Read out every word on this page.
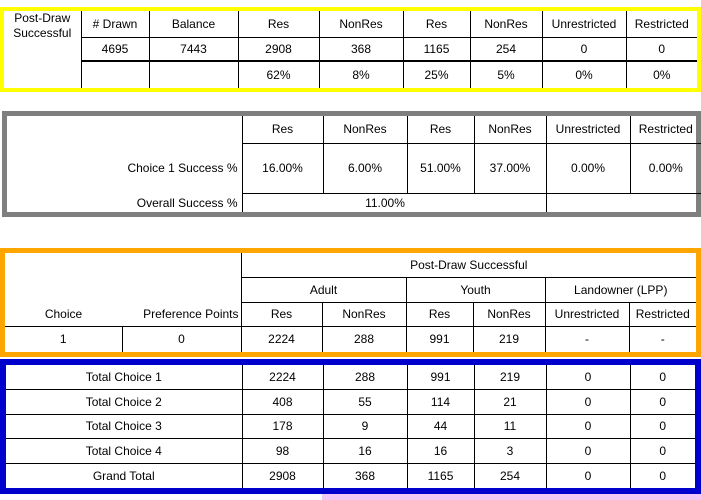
Post-Draw
Successful	# Drawn	Balance	Res	NonRes	Res	NonRes	Unrestricted	Restricted
	4695	7443	2908	368	1165	254	0	0
			62%	8%	25%	5%	0%	0%
	Res	NonRes	Res	NonRes	Unrestricted	Restricted
Choice 1 Success %	16.00%	6.00%	51.00%	37.00%	0.00%	0.00%
Overall Success %	11.00%					
		Post-Draw Successful					
		Adult		Youth		Landowner (LPP)	
Choice	Preference Points	Res	NonRes	Res	NonRes	Unrestricted	Restricted
1	0	2224	288	991	219	-	-
Total Choice 1	2224	288	991	219	0	0
Total Choice 2	408	55	114	21	0	0
Total Choice 3	178	9	44	11	0	0
Total Choice 4	98	16	16	3	0	0
Grand Total	2908	368	1165	254	0	0
